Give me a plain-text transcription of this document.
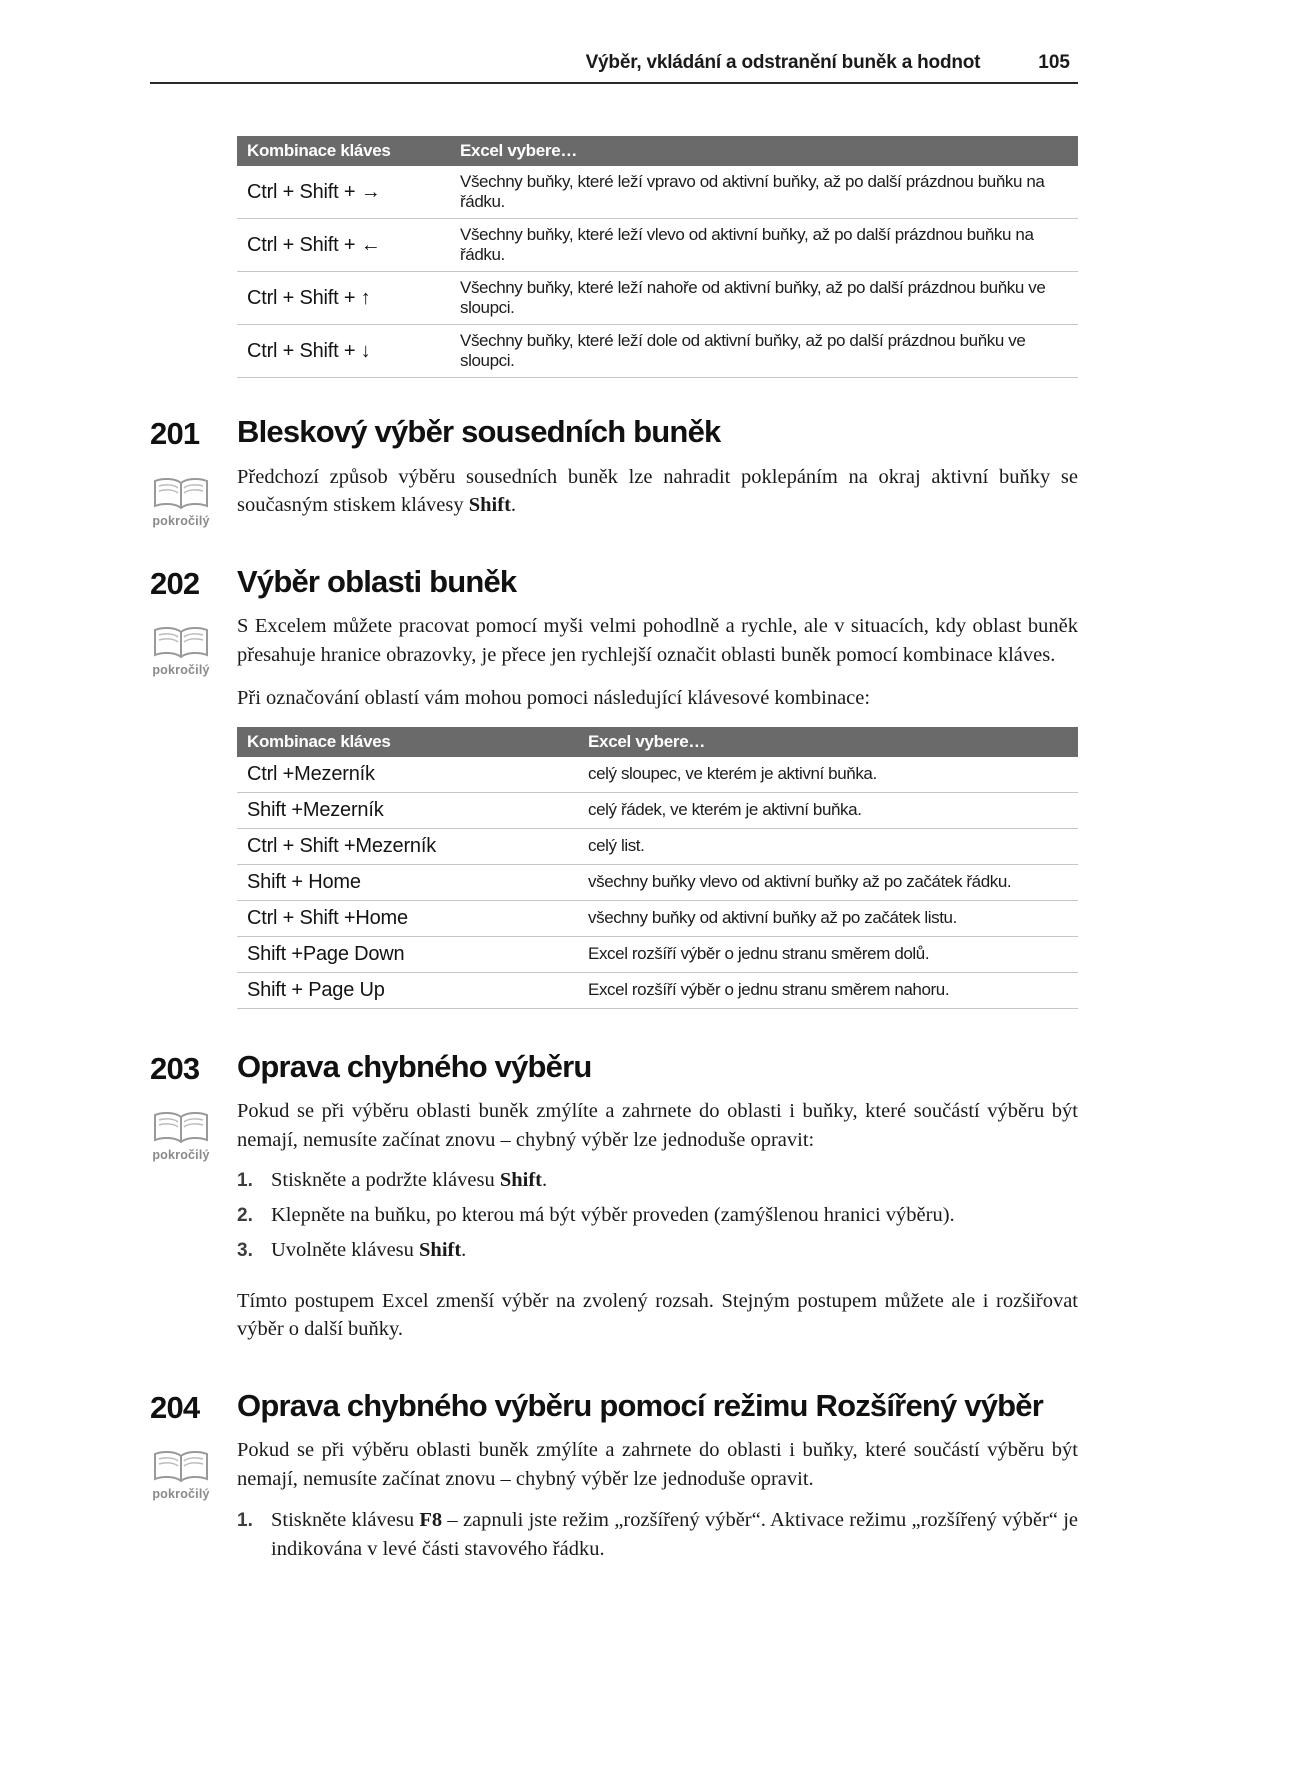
Výběr, vkládání a odstranění buněk a hodnot	105
Kombinace kláves	Excel vybere…
Ctrl + Shift + →	Všechny buňky, které leží vpravo od aktivní buňky, až po další prázdnou buňku na řádku.
Ctrl + Shift + ←	Všechny buňky, které leží vlevo od aktivní buňky, až po další prázdnou buňku na řádku.
Ctrl + Shift + ↑	Všechny buňky, které leží nahoře od aktivní buňky, až po další prázdnou buňku ve sloupci.
Ctrl + Shift + ↓	Všechny buňky, které leží dole od aktivní buňky, až po další prázdnou buňku ve sloupci.
201
pokročilý
Bleskový výběr sousedních buněk

Předchozí způsob výběru sousedních buněk lze nahradit poklepáním na okraj aktivní buňky se současným stiskem klávesy Shift.

202
pokročilý
Výběr oblasti buněk

S Excelem můžete pracovat pomocí myši velmi pohodlně a rychle, ale v situacích, kdy oblast buněk přesahuje hranice obrazovky, je přece jen rychlejší označit oblasti buněk pomocí kombinace kláves.

Při označování oblastí vám mohou pomoci následující klávesové kombinace:

Kombinace kláves	Excel vybere…
Ctrl +Mezerník	celý sloupec, ve kterém je aktivní buňka.
Shift +Mezerník	celý řádek, ve kterém je aktivní buňka.
Ctrl + Shift +Mezerník	celý list.
Shift + Home	všechny buňky vlevo od aktivní buňky až po začátek řádku.
Ctrl + Shift +Home	všechny buňky od aktivní buňky až po začátek listu.
Shift +Page Down	Excel rozšíří výběr o jednu stranu směrem dolů.
Shift + Page Up	Excel rozšíří výběr o jednu stranu směrem nahoru.
203
pokročilý
Oprava chybného výběru

Pokud se při výběru oblasti buněk zmýlíte a zahrnete do oblasti i buňky, které součástí výběru být nemají, nemusíte začínat znovu – chybný výběr lze jednoduše opravit:

1. Stiskněte a podržte klávesu Shift.
2. Klepněte na buňku, po kterou má být výběr proveden (zamýšlenou hranici výběru).
3. Uvolněte klávesu Shift.

Tímto postupem Excel zmenší výběr na zvolený rozsah. Stejným postupem můžete ale i rozšiřovat výběr o další buňky.

204
pokročilý
Oprava chybného výběru pomocí režimu Rozšířený výběr

Pokud se při výběru oblasti buněk zmýlíte a zahrnete do oblasti i buňky, které součástí výběru být nemají, nemusíte začínat znovu – chybný výběr lze jednoduše opravit.

1. Stiskněte klávesu F8 – zapnuli jste režim „rozšířený výběr“. Aktivace režimu „rozšířený výběr“ je indikována v levé části stavového řádku.
